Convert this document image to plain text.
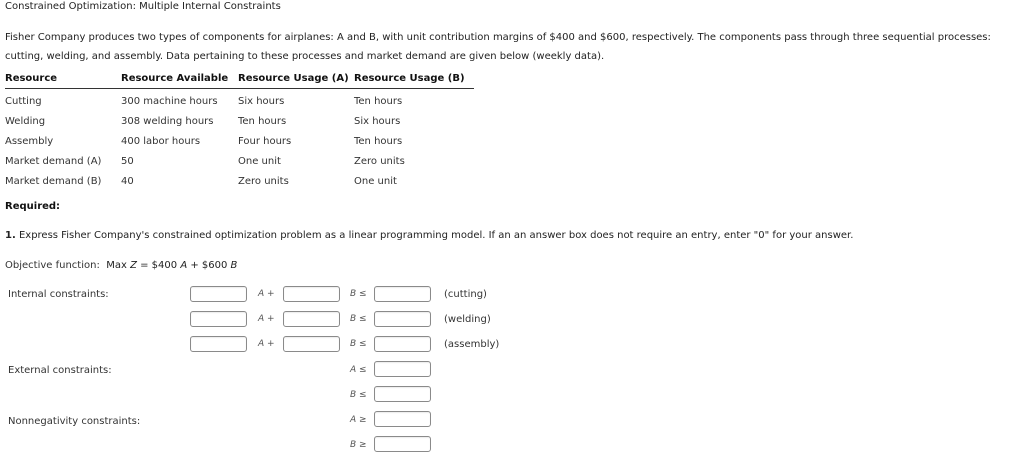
Constrained Optimization: Multiple Internal Constraints
Fisher Company produces two types of components for airplanes: A and B, with unit contribution margins of $400 and $600, respectively. The components pass through three sequential processes: cutting, welding, and assembly. Data pertaining to these processes and market demand are given below (weekly data).
Resource	Resource Available	Resource Usage (A)	Resource Usage (B)
Cutting	300 machine hours	Six hours	Ten hours
Welding	308 welding hours	Ten hours	Six hours
Assembly	400 labor hours	Four hours	Ten hours
Market demand (A)	50	One unit	Zero units
Market demand (B)	40	Zero units	One unit
Required:
1. Express Fisher Company's constrained optimization problem as a linear programming model. If an an answer box does not require an entry, enter "0" for your answer.
Objective function: Max Z = $400 A + $600 B
Internal constraints:	A +	B ≤	(cutting)
A +	B ≤	(welding)
A +	B ≤	(assembly)
External constraints:	A ≤
B ≤
Nonnegativity constraints:	A ≥
B ≥
